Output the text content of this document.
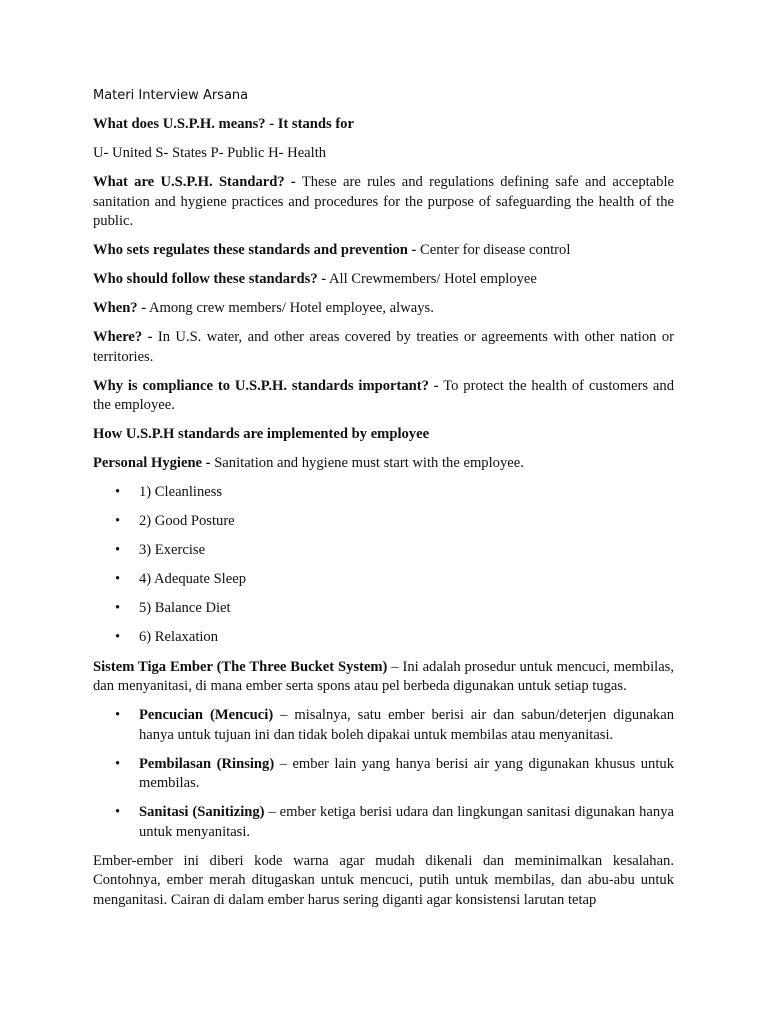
Materi Interview Arsana

What does U.S.P.H. means? - It stands for

U- United S- States P- Public H- Health

What are U.S.P.H. Standard? - These are rules and regulations defining safe and acceptable sanitation and hygiene practices and procedures for the purpose of safeguarding the health of the public.

Who sets regulates these standards and prevention - Center for disease control

Who should follow these standards? - All Crewmembers/ Hotel employee

When? - Among crew members/ Hotel employee, always.

Where? - In U.S. water, and other areas covered by treaties or agreements with other nation or territories.

Why is compliance to U.S.P.H. standards important? - To protect the health of customers and the employee.

How U.S.P.H standards are implemented by employee

Personal Hygiene - Sanitation and hygiene must start with the employee.

• 1) Cleanliness
• 2) Good Posture
• 3) Exercise
• 4) Adequate Sleep
• 5) Balance Diet
• 6) Relaxation

Sistem Tiga Ember (The Three Bucket System) – Ini adalah prosedur untuk mencuci, membilas, dan menyanitasi, di mana ember serta spons atau pel berbeda digunakan untuk setiap tugas.

• Pencucian (Mencuci) – misalnya, satu ember berisi air dan sabun/deterjen digunakan hanya untuk tujuan ini dan tidak boleh dipakai untuk membilas atau menyanitasi.
• Pembilasan (Rinsing) – ember lain yang hanya berisi air yang digunakan khusus untuk membilas.
• Sanitasi (Sanitizing) – ember ketiga berisi udara dan lingkungan sanitasi digunakan hanya untuk menyanitasi.

Ember-ember ini diberi kode warna agar mudah dikenali dan meminimalkan kesalahan. Contohnya, ember merah ditugaskan untuk mencuci, putih untuk membilas, dan abu-abu untuk menganitasi. Cairan di dalam ember harus sering diganti agar konsistensi larutan tetap
